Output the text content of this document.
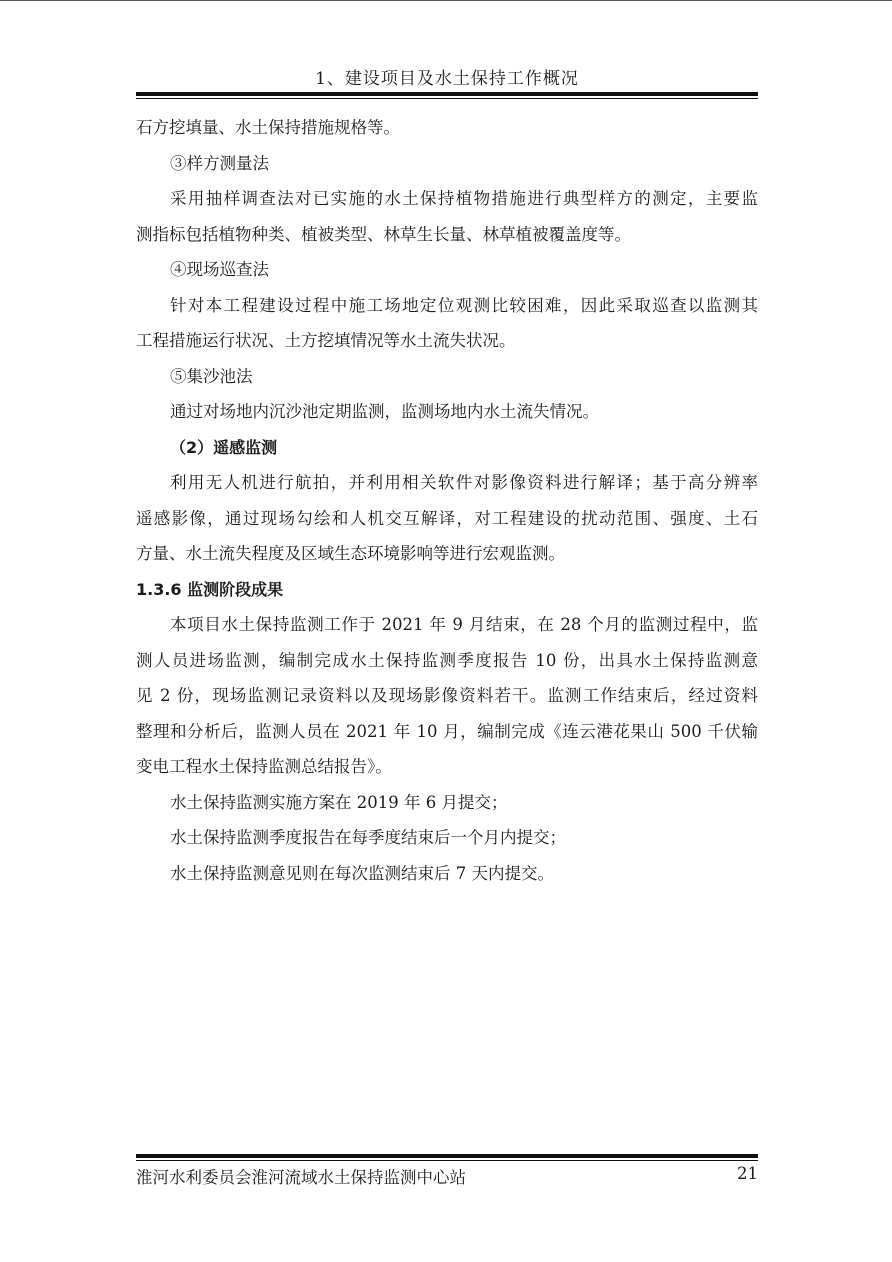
1、建设项目及水土保持工作概况
石方挖填量、水土保持措施规格等。
③样方测量法
采用抽样调查法对已实施的水土保持植物措施进行典型样方的测定，主要监
测指标包括植物种类、植被类型、林草生长量、林草植被覆盖度等。
④现场巡查法
针对本工程建设过程中施工场地定位观测比较困难，因此采取巡查以监测其
工程措施运行状况、土方挖填情况等水土流失状况。
⑤集沙池法
通过对场地内沉沙池定期监测，监测场地内水土流失情况。
（2）遥感监测
利用无人机进行航拍，并利用相关软件对影像资料进行解译；基于高分辨率
遥感影像，通过现场勾绘和人机交互解译，对工程建设的扰动范围、强度、土石
方量、水土流失程度及区域生态环境影响等进行宏观监测。
1.3.6 监测阶段成果
本项目水土保持监测工作于 2021 年 9 月结束，在 28 个月的监测过程中，监
测人员进场监测，编制完成水土保持监测季度报告 10 份，出具水土保持监测意
见 2 份，现场监测记录资料以及现场影像资料若干。监测工作结束后，经过资料
整理和分析后，监测人员在 2021 年 10 月，编制完成《连云港花果山 500 千伏输
变电工程水土保持监测总结报告》。
水土保持监测实施方案在 2019 年 6 月提交；
水土保持监测季度报告在每季度结束后一个月内提交；
水土保持监测意见则在每次监测结束后 7 天内提交。
淮河水利委员会淮河流域水土保持监测中心站	21
